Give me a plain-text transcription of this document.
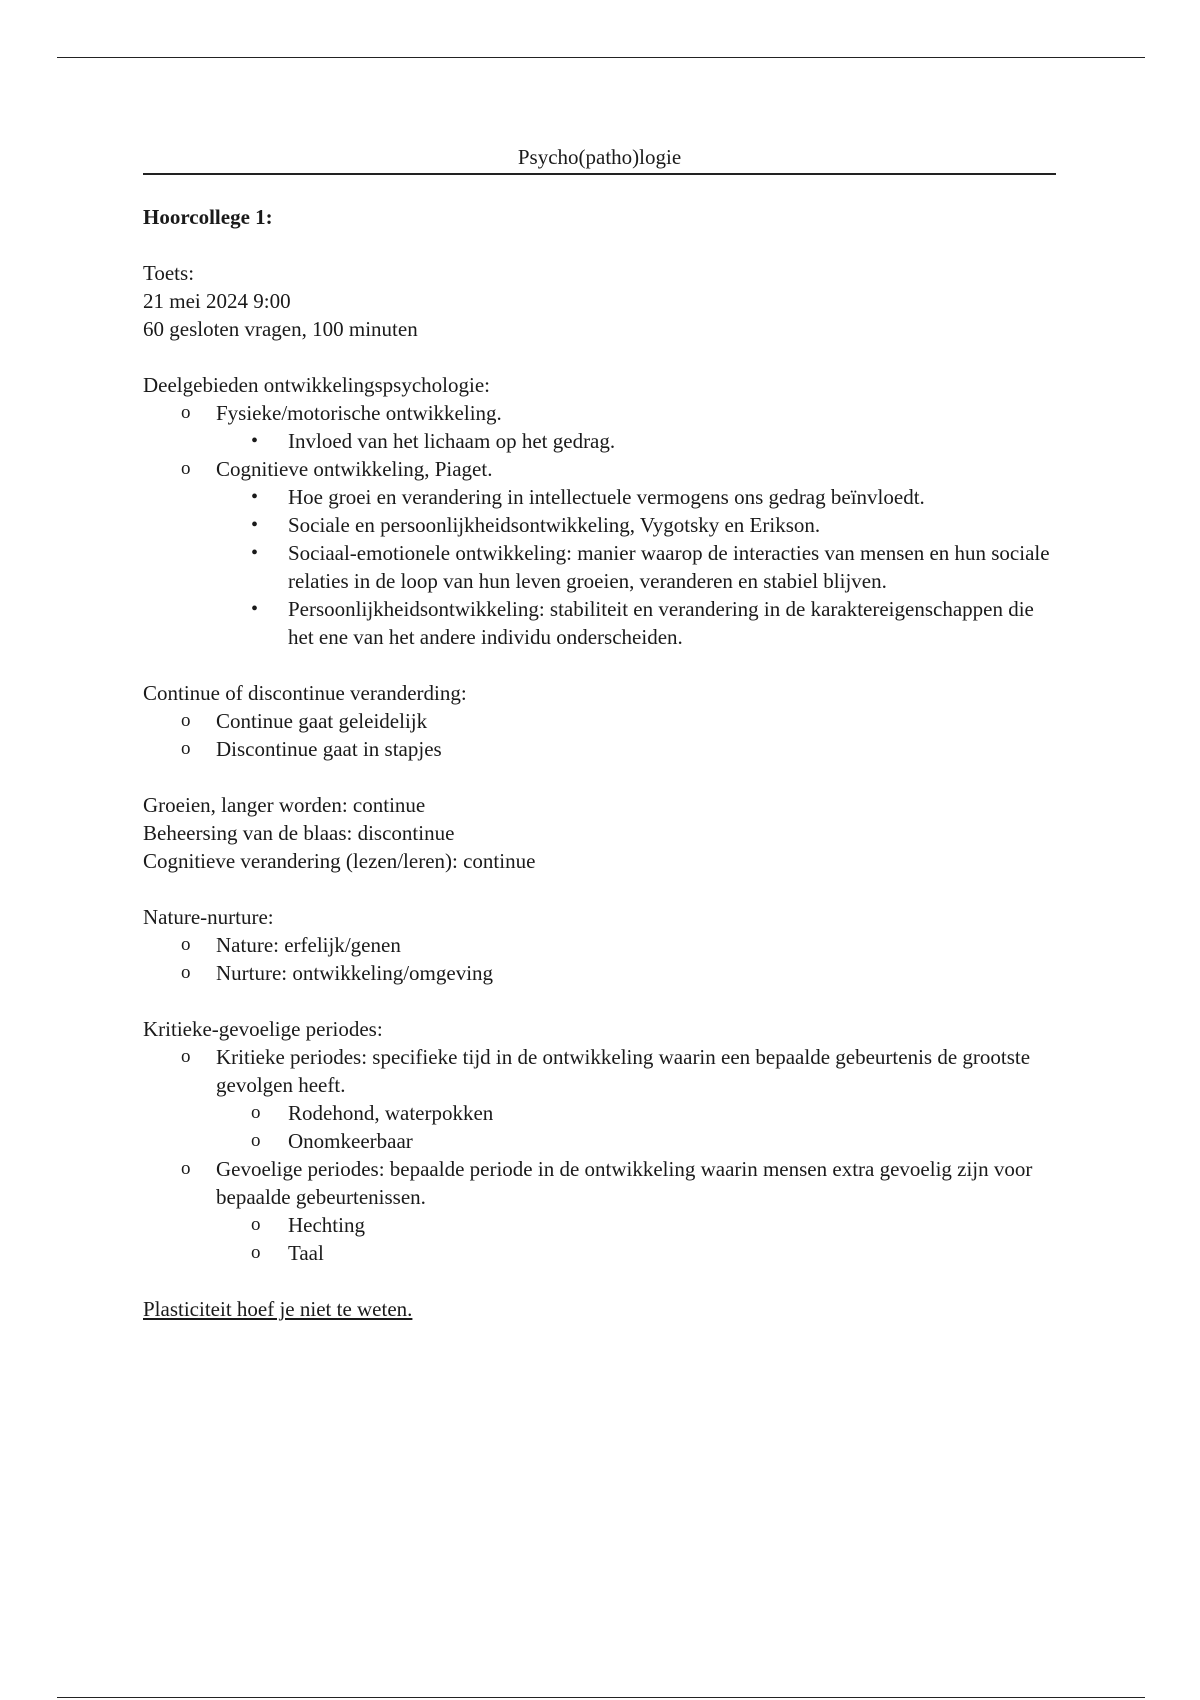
Psycho(patho)logie
Hoorcollege 1:
Toets:
21 mei 2024 9:00
60 gesloten vragen, 100 minuten
Deelgebieden ontwikkelingspsychologie:
o Fysieke/motorische ontwikkeling.
• Invloed van het lichaam op het gedrag.
o Cognitieve ontwikkeling, Piaget.
• Hoe groei en verandering in intellectuele vermogens ons gedrag beïnvloedt.
• Sociale en persoonlijkheidsontwikkeling, Vygotsky en Erikson.
• Sociaal-emotionele ontwikkeling: manier waarop de interacties van mensen en hun sociale relaties in de loop van hun leven groeien, veranderen en stabiel blijven.
• Persoonlijkheidsontwikkeling: stabiliteit en verandering in de karaktereigenschappen die het ene van het andere individu onderscheiden.
Continue of discontinue veranderding:
o Continue gaat geleidelijk
o Discontinue gaat in stapjes
Groeien, langer worden: continue
Beheersing van de blaas: discontinue
Cognitieve verandering (lezen/leren): continue
Nature-nurture:
o Nature: erfelijk/genen
o Nurture: ontwikkeling/omgeving
Kritieke-gevoelige periodes:
o Kritieke periodes: specifieke tijd in de ontwikkeling waarin een bepaalde gebeurtenis de grootste gevolgen heeft.
o Rodehond, waterpokken
o Onomkeerbaar
o Gevoelige periodes: bepaalde periode in de ontwikkeling waarin mensen extra gevoelig zijn voor bepaalde gebeurtenissen.
o Hechting
o Taal
Plasticiteit hoef je niet te weten.
